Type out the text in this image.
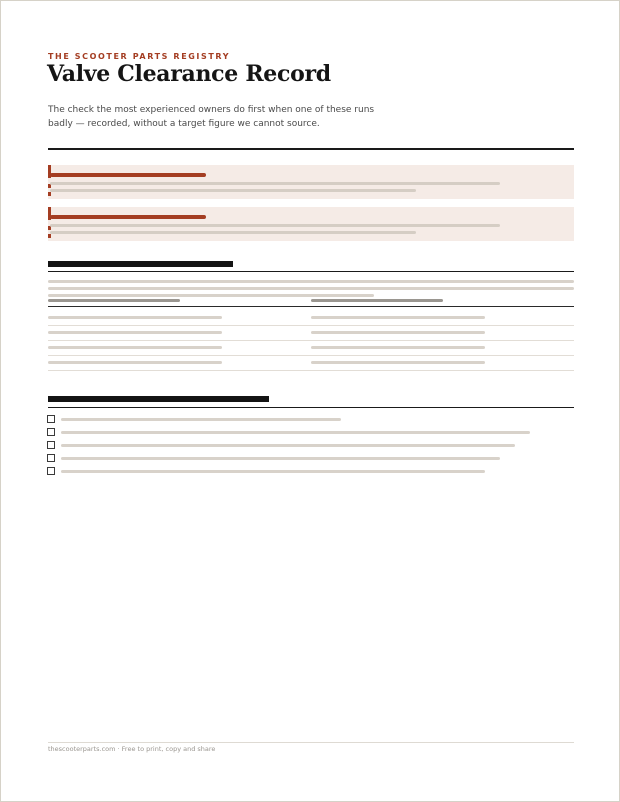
THE SCOOTER PARTS REGISTRY
Valve Clearance Record
The check the most experienced owners do first when one of these runs badly — recorded, without a target figure we cannot source.
thescooterparts.com · Free to print, copy and share
